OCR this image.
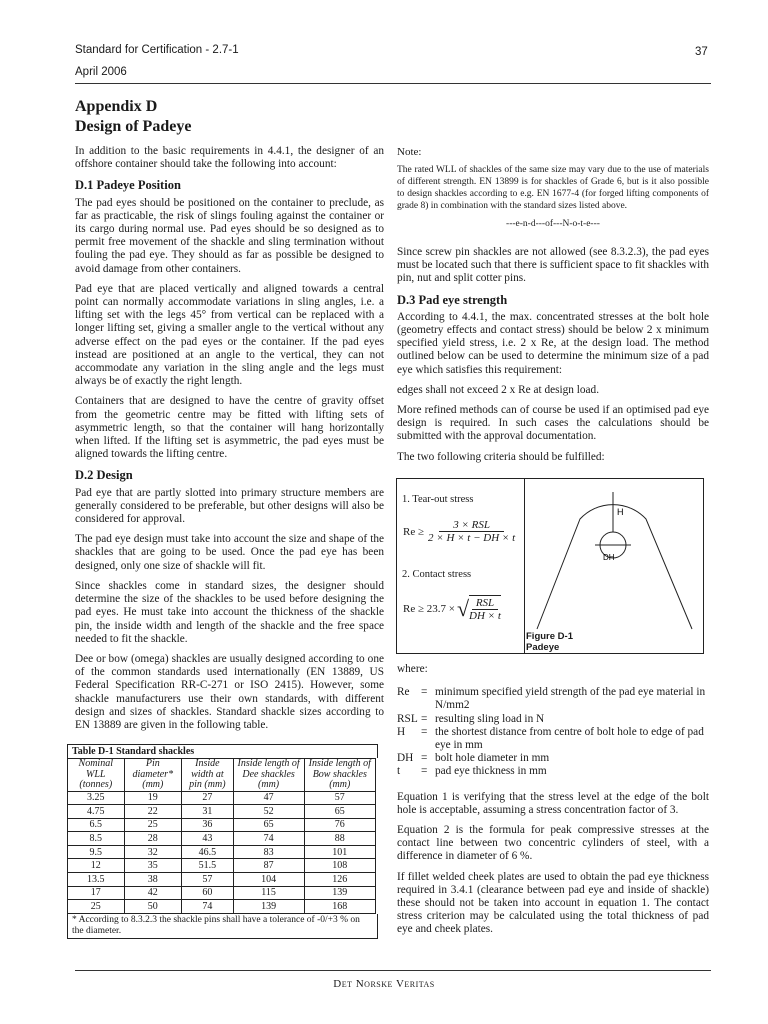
Standard for Certification - 2.7-1
April 2006
37
Appendix D
Design of Padeye

In addition to the basic requirements in 4.4.1, the designer of an offshore container should take the following into account:

D.1 Padeye Position

The pad eyes should be positioned on the container to preclude, as far as practicable, the risk of slings fouling against the container or its cargo during normal use. Pad eyes should be so designed as to permit free movement of the shackle and sling termination without fouling the pad eye. They should as far as possible be designed to avoid damage from other containers.

Pad eye that are placed vertically and aligned towards a central point can normally accommodate variations in sling angles, i.e. a lifting set with the legs 45° from vertical can be replaced with a longer lifting set, giving a smaller angle to the vertical without any adverse effect on the pad eyes or the container. If the pad eyes instead are positioned at an angle to the vertical, they can not accommodate any variation in the sling angle and the legs must always be of exactly the right length.

Containers that are designed to have the centre of gravity offset from the geometric centre may be fitted with lifting sets of asymmetric length, so that the container will hang horizontally when lifted. If the lifting set is asymmetric, the pad eyes must be aligned towards the lifting centre.

D.2 Design

Pad eye that are partly slotted into primary structure members are generally considered to be preferable, but other designs will also be considered for approval.

The pad eye design must take into account the size and shape of the shackles that are going to be used. Once the pad eye has been designed, only one size of shackle will fit.

Since shackles come in standard sizes, the designer should determine the size of the shackles to be used before designing the pad eyes. He must take into account the thickness of the shackle pin, the inside width and length of the shackle and the free space needed to fit the shackle.

Dee or bow (omega) shackles are usually designed according to one of the common standards used internationally (EN 13889, US Federal Specification RR-C-271 or ISO 2415). However, some shackle manufacturers use their own standards, with different design and sizes of shackles. Standard shackle sizes according to EN 13889 are given in the following table.

Table D-1 Standard shackles
Nominal WLL (tonnes)	Pin diameter* (mm)	Inside width at pin (mm)	Inside length of Dee shackles (mm)	Inside length of Bow shackles (mm)
3.25	19	27	47	57
4.75	22	31	52	65
6.5	25	36	65	76
8.5	28	43	74	88
9.5	32	46.5	83	101
12	35	51.5	87	108
13.5	38	57	104	126
17	42	60	115	139
25	50	74	139	168
* According to 8.3.2.3 the shackle pins shall have a tolerance of -0/+3 % on the diameter.

Note:

The rated WLL of shackles of the same size may vary due to the use of materials of different strength. EN 13899 is for shackles of Grade 6, but is it also possible to design shackles according to e.g. EN 1677-4 (for forged lifting components of grade 8) in combination with the standard sizes listed above.

---e-n-d---of---N-o-t-e---

Since screw pin shackles are not allowed (see 8.3.2.3), the pad eyes must be located such that there is sufficient space to fit shackles with pin, nut and split cotter pins.

D.3 Pad eye strength

According to 4.4.1, the max. concentrated stresses at the bolt hole (geometry effects and contact stress) should be below 2 x minimum specified yield stress, i.e. 2 x Re, at the design load. The method outlined below can be used to determine the minimum size of a pad eye which satisfies this requirement:

edges shall not exceed 2 x Re at design load.

More refined methods can of course be used if an optimised pad eye design is required. In such cases the calculations should be submitted with the approval documentation.

The two following criteria should be fulfilled:

1. Tear-out stress
Re ≥
3 × RSL
2 × H × t − DH × t
2. Contact stress
Re ≥ 23.7 × √ RSL
DH × t
H
DH
Figure D-1
Padeye

where:

Re	= minimum specified yield strength of the pad eye material in N/mm2
RSL = resulting sling load in N
H	= the shortest distance from centre of bolt hole to edge of pad eye in mm
DH = bolt hole diameter in mm
t	= pad eye thickness in mm

Equation 1 is verifying that the stress level at the edge of the bolt hole is acceptable, assuming a stress concentration factor of 3.

Equation 2 is the formula for peak compressive stresses at the contact line between two concentric cylinders of steel, with a difference in diameter of 6 %.

If fillet welded cheek plates are used to obtain the pad eye thickness required in 3.4.1 (clearance between pad eye and inside of shackle) these should not be taken into account in equation 1. The contact stress criterion may be calculated using the total thickness of pad eye and cheek plates.

Det Norske Veritas
